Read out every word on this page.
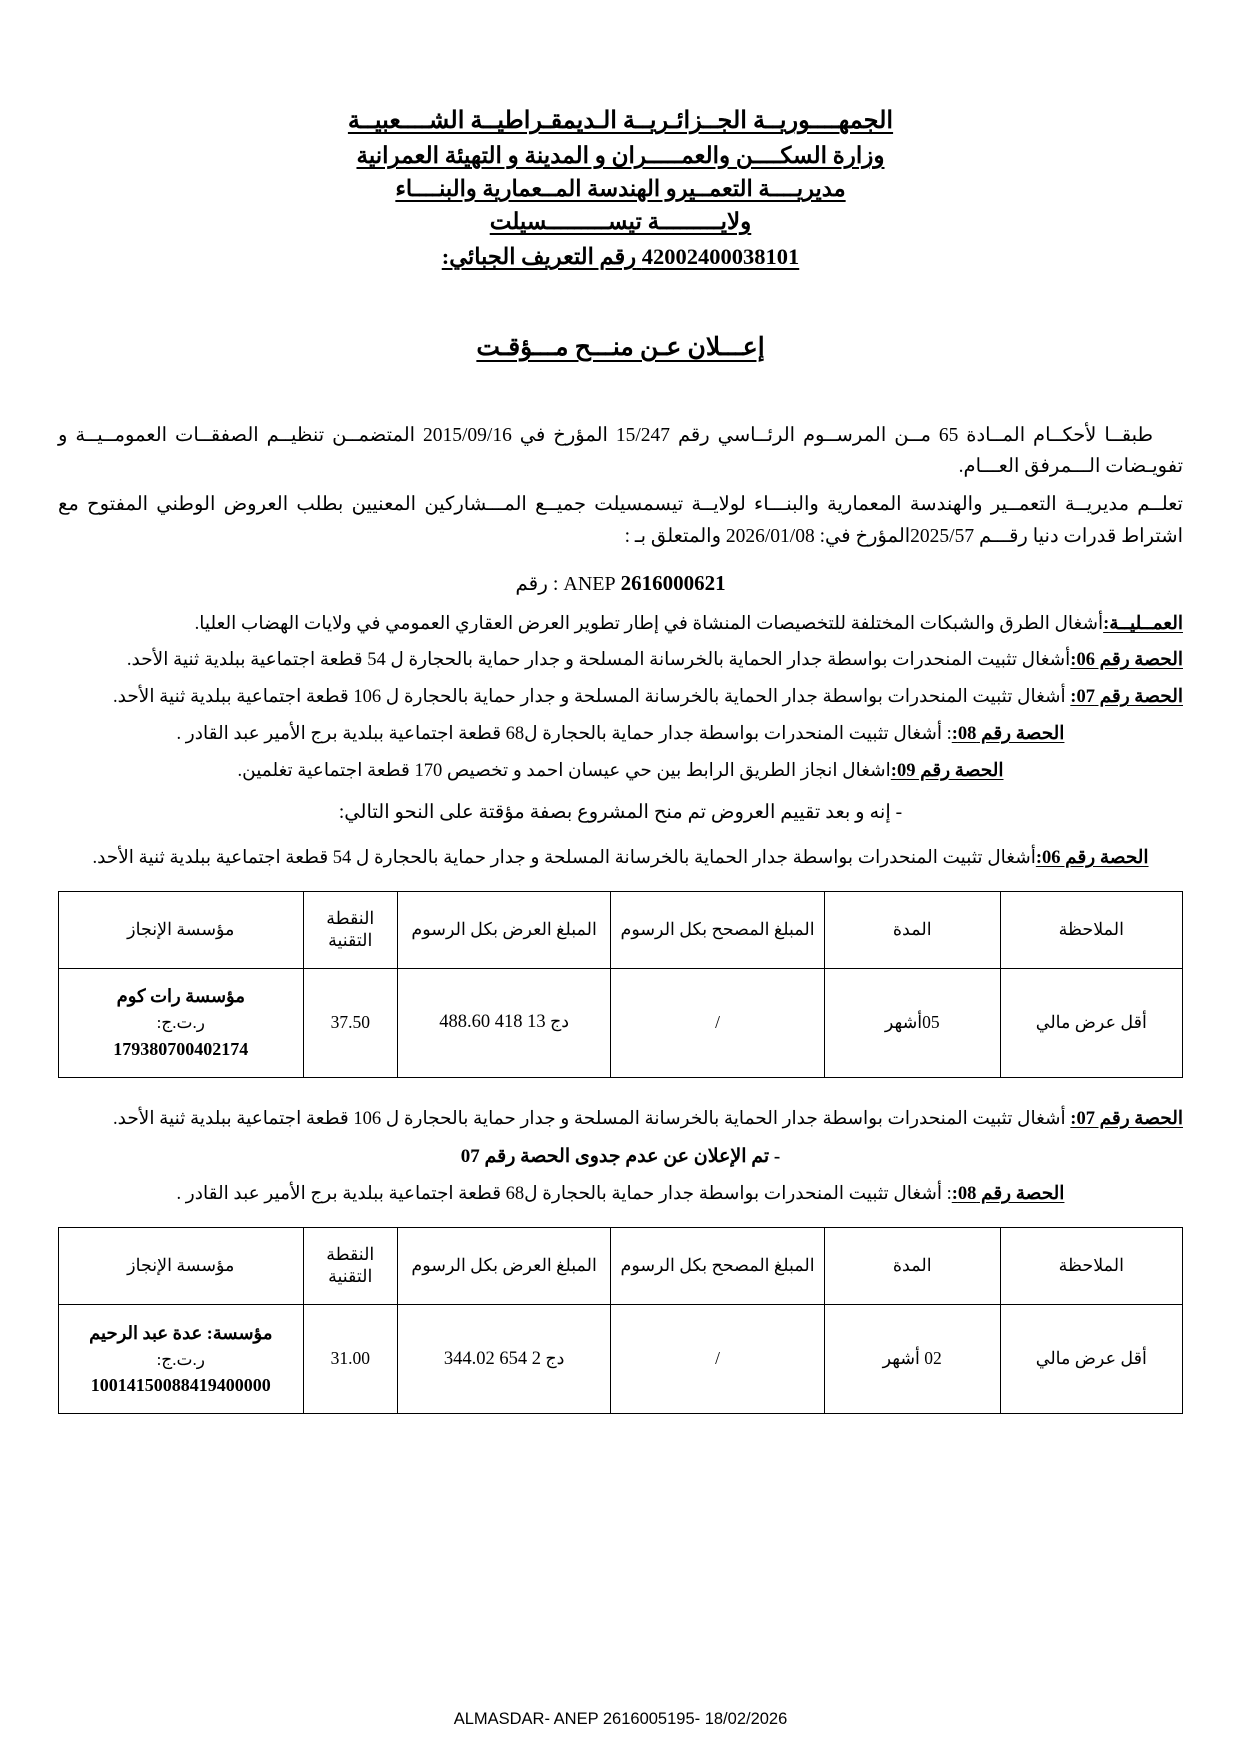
الجمهــــوريــة الجــزائـريــة الـديمقـراطيــة الشــــعبيــة
وزارة السكــــن والعمـــــران و المدينة و التهيئة العمرانية
مديريــــة التعمــيرو الهندسة المــعمارية والبنــــاء
ولايـــــــــة تيســـــــــسيلت
42002400038101 رقم التعريف الجبائي:
إعـــلان عـن منـــح مـــؤقـت

طبقــا لأحكــام المــادة 65 مــن المرســوم الرئــاسي رقم 15/247 المؤرخ في 2015/09/16 المتضمــن تنظيــم الصفقــات العمومــيــة و تفويـضات الـــمرفق العـــام.

تعلــم مديريــة التعمــير والهندسة المعمارية والبنـــاء لولايــة تيسمسيلت جميــع المـــشاركين المعنيين بطلب العروض الوطني المفتوح مع اشتراط قدرات دنيا رقـــم 2025/57المؤرخ في: 2026/01/08 والمتعلق بـ :

2616000621 ANEP : رقم

العمــليــة:أشغال الطرق والشبكات المختلفة للتخصيصات المنشاة في إطار تطوير العرض العقاري العمومي في ولايات الهضاب العليا.

الحصة رقم 06:أشغال تثبيت المنحدرات بواسطة جدار الحماية بالخرسانة المسلحة و جدار حماية بالحجارة ل 54 قطعة اجتماعية ببلدية ثنية الأحد.

الحصة رقم 07: أشغال تثبيت المنحدرات بواسطة جدار الحماية بالخرسانة المسلحة و جدار حماية بالحجارة ل 106 قطعة اجتماعية ببلدية ثنية الأحد.

الحصة رقم 08:: أشغال تثبيت المنحدرات بواسطة جدار حماية بالحجارة ل68 قطعة اجتماعية ببلدية برج الأمير عبد القادر .

الحصة رقم 09:اشغال انجاز الطريق الرابط بين حي عيسان احمد و تخصيص 170 قطعة اجتماعية تغلمين.

- إنه و بعد تقييم العروض تم منح المشروع بصفة مؤقتة على النحو التالي:

الحصة رقم 06:أشغال تثبيت المنحدرات بواسطة جدار الحماية بالخرسانة المسلحة و جدار حماية بالحجارة ل 54 قطعة اجتماعية ببلدية ثنية الأحد.

الملاحظة	المدة	المبلغ المصحح بكل الرسوم	المبلغ العرض بكل الرسوم	النقطة التقنية	مؤسسة الإنجاز
أقل عرض مالي	05أشهر	/	دج 13 418 488.60	37.50	مؤسسة رات كوم
ر.ت.ج:
179380700402174

الحصة رقم 07: أشغال تثبيت المنحدرات بواسطة جدار الحماية بالخرسانة المسلحة و جدار حماية بالحجارة ل 106 قطعة اجتماعية ببلدية ثنية الأحد.

- تم الإعلان عن عدم جدوى الحصة رقم 07

الحصة رقم 08:: أشغال تثبيت المنحدرات بواسطة جدار حماية بالحجارة ل68 قطعة اجتماعية ببلدية برج الأمير عبد القادر .

الملاحظة	المدة	المبلغ المصحح بكل الرسوم	المبلغ العرض بكل الرسوم	النقطة التقنية	مؤسسة الإنجاز
أقل عرض مالي	02 أشهر	/	دج 2 654 344.02	31.00	مؤسسة: عدة عبد الرحيم
ر.ت.ج:
10014150088419400000
ALMASDAR- ANEP 2616005195- 18/02/2026
